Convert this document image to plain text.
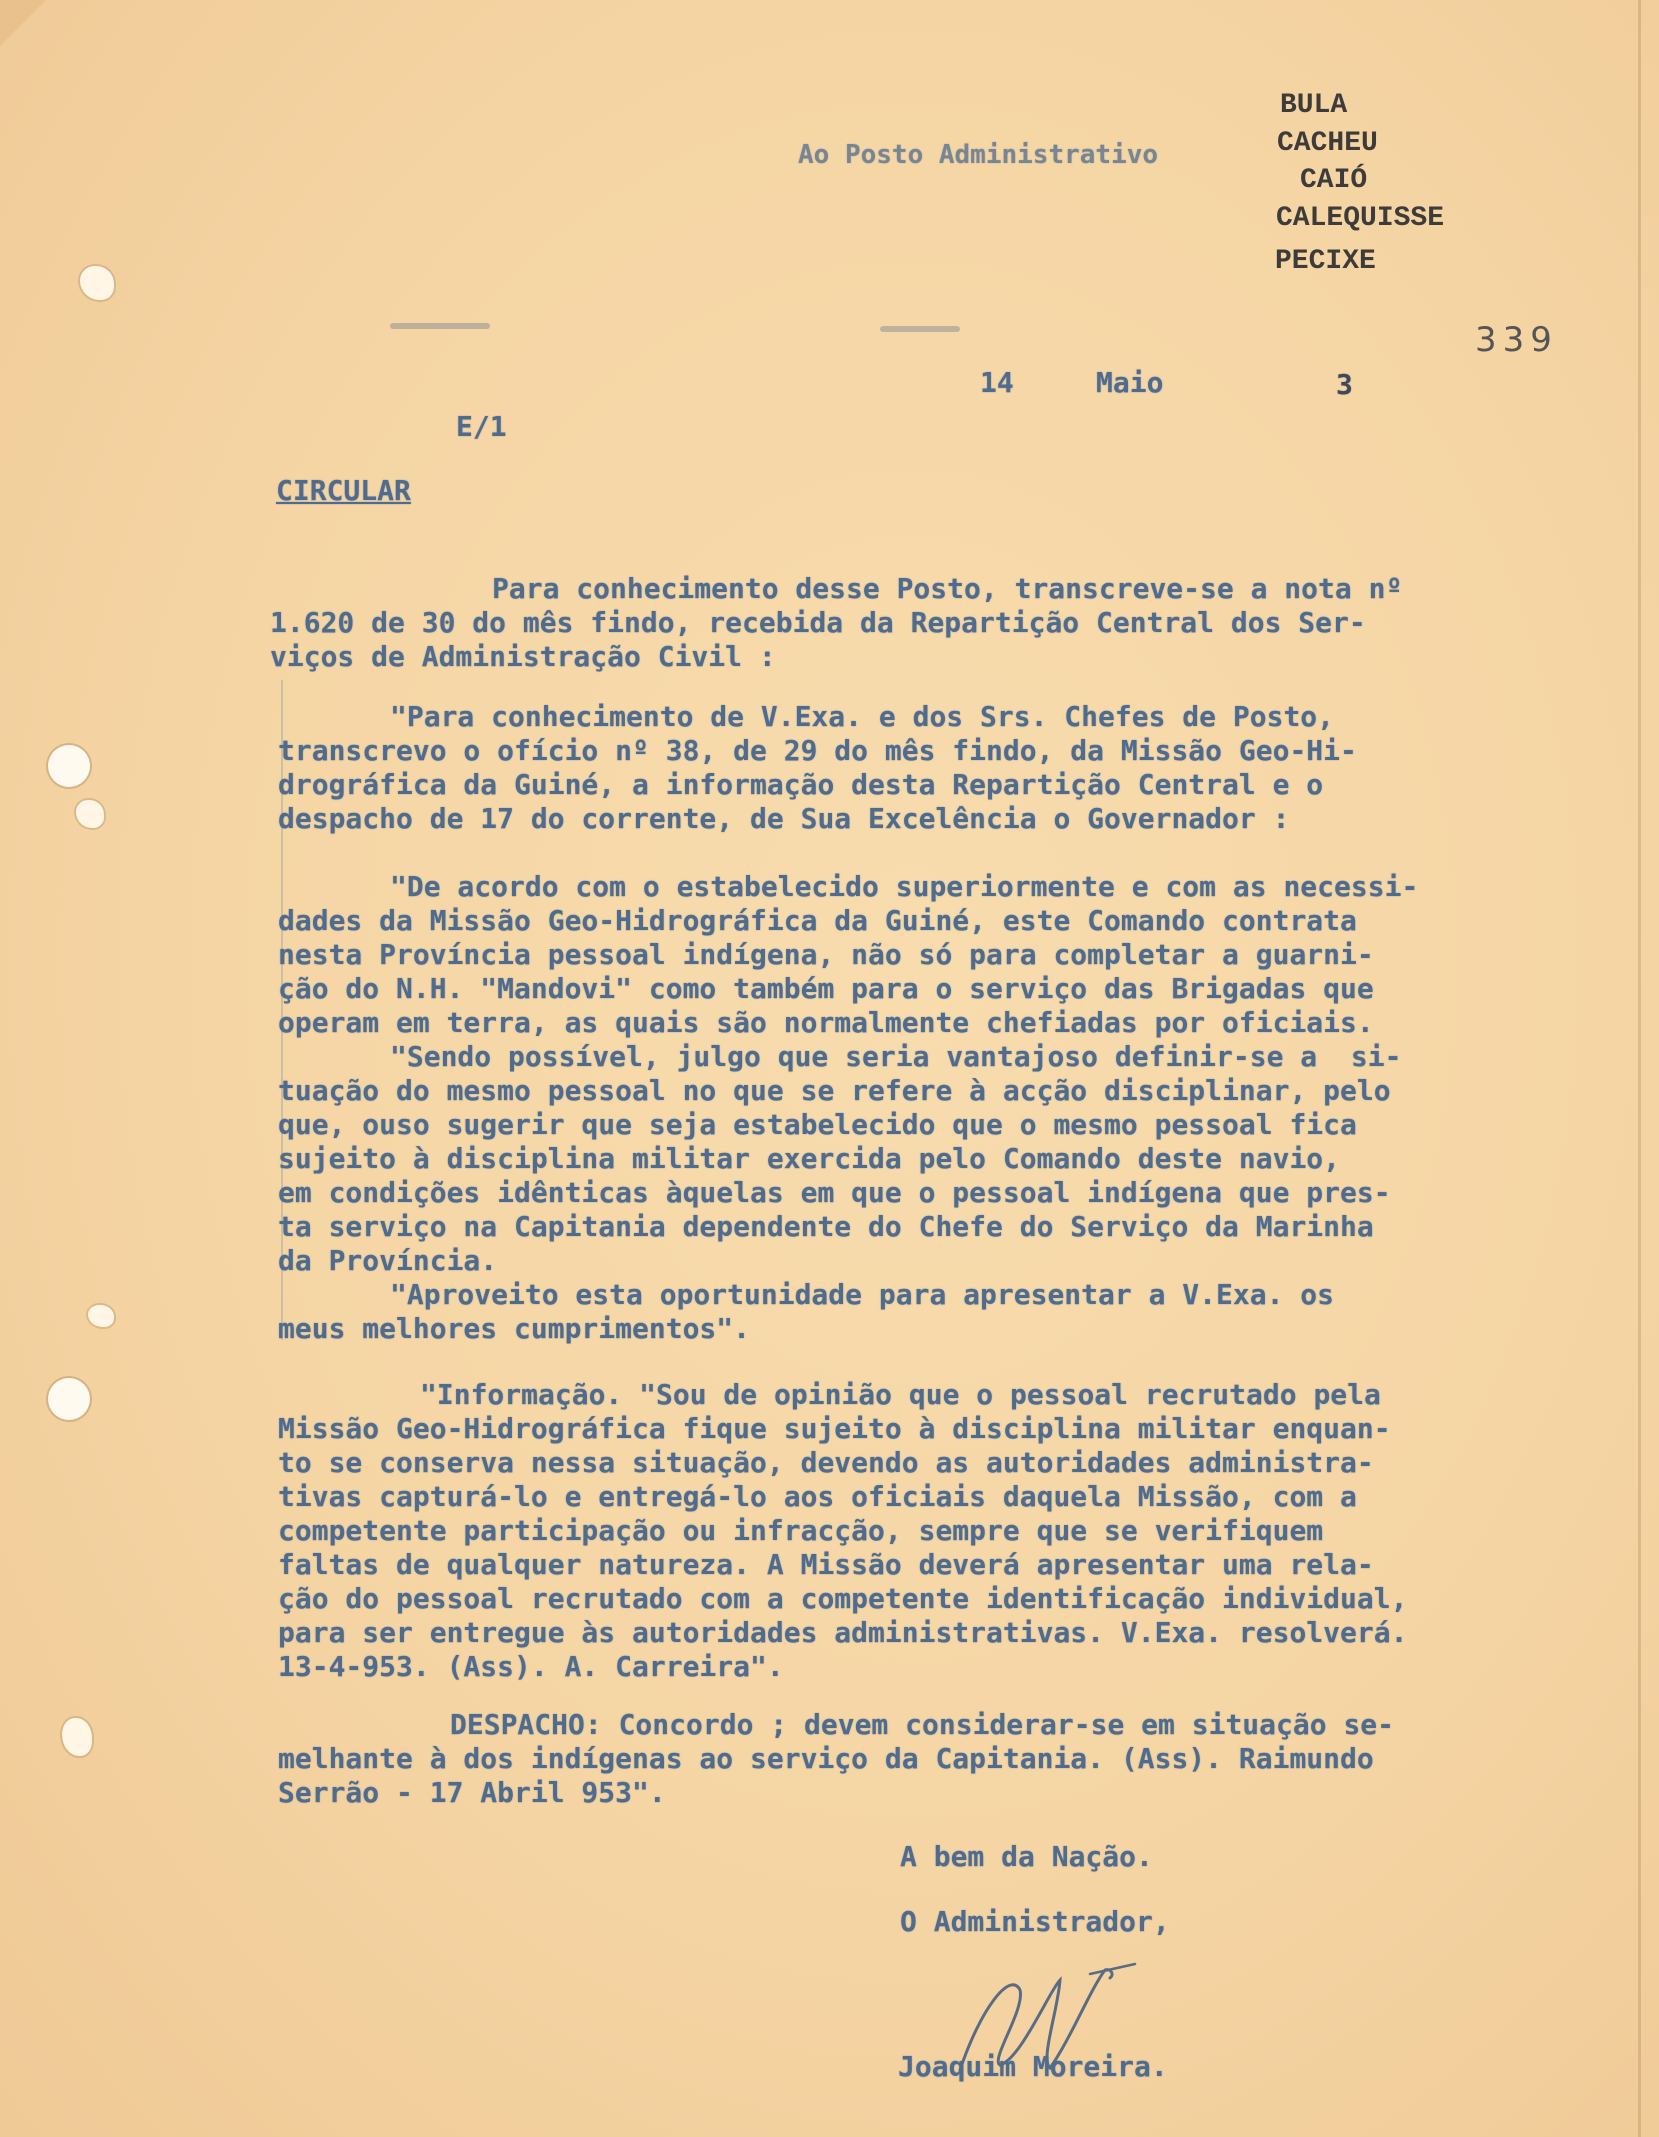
Ao Posto Administrativo

BULA

CACHEU

CAIÓ

CALEQUISSE

PECIXE

339

14	Maio	3

E/1

CIRCULAR

Para conhecimento desse Posto, transcreve-se a nota nº
1.620 de 30 do mês findo, recebida da Repartição Central dos Ser-
viços de Administração Civil :

"Para conhecimento de V.Exa. e dos Srs. Chefes de Posto,
transcrevo o ofício nº 38, de 29 do mês findo, da Missão Geo-Hi-
drográfica da Guiné, a informação desta Repartição Central e o
despacho de 17 do corrente, de Sua Excelência o Governador :

"De acordo com o estabelecido superiormente e com as necessi-
dades da Missão Geo-Hidrográfica da Guiné, este Comando contrata
nesta Província pessoal indígena, não só para completar a guarni-
ção do N.H. "Mandovi" como também para o serviço das Brigadas que
operam em terra, as quais são normalmente chefiadas por oficiais.

"Sendo possível, julgo que seria vantajoso definir-se a  si-
tuação do mesmo pessoal no que se refere à acção disciplinar, pelo
que, ouso sugerir que seja estabelecido que o mesmo pessoal fica
sujeito à disciplina militar exercida pelo Comando deste navio,
em condições idênticas àquelas em que o pessoal indígena que pres-
ta serviço na Capitania dependente do Chefe do Serviço da Marinha
da Província.

"Aproveito esta oportunidade para apresentar a V.Exa. os
meus melhores cumprimentos".

"Informação. "Sou de opinião que o pessoal recrutado pela
Missão Geo-Hidrográfica fique sujeito à disciplina militar enquan-
to se conserva nessa situação, devendo as autoridades administra-
tivas capturá-lo e entregá-lo aos oficiais daquela Missão, com a
competente participação ou infracção, sempre que se verifiquem
faltas de qualquer natureza. A Missão deverá apresentar uma rela-
ção do pessoal recrutado com a competente identificação individual,
para ser entregue às autoridades administrativas. V.Exa. resolverá.
13-4-953. (Ass). A. Carreira".

DESPACHO: Concordo ; devem considerar-se em situação se-
melhante à dos indígenas ao serviço da Capitania. (Ass). Raimundo
Serrão - 17 Abril 953".

A bem da Nação.

O Administrador,

Joaquim Moreira.
